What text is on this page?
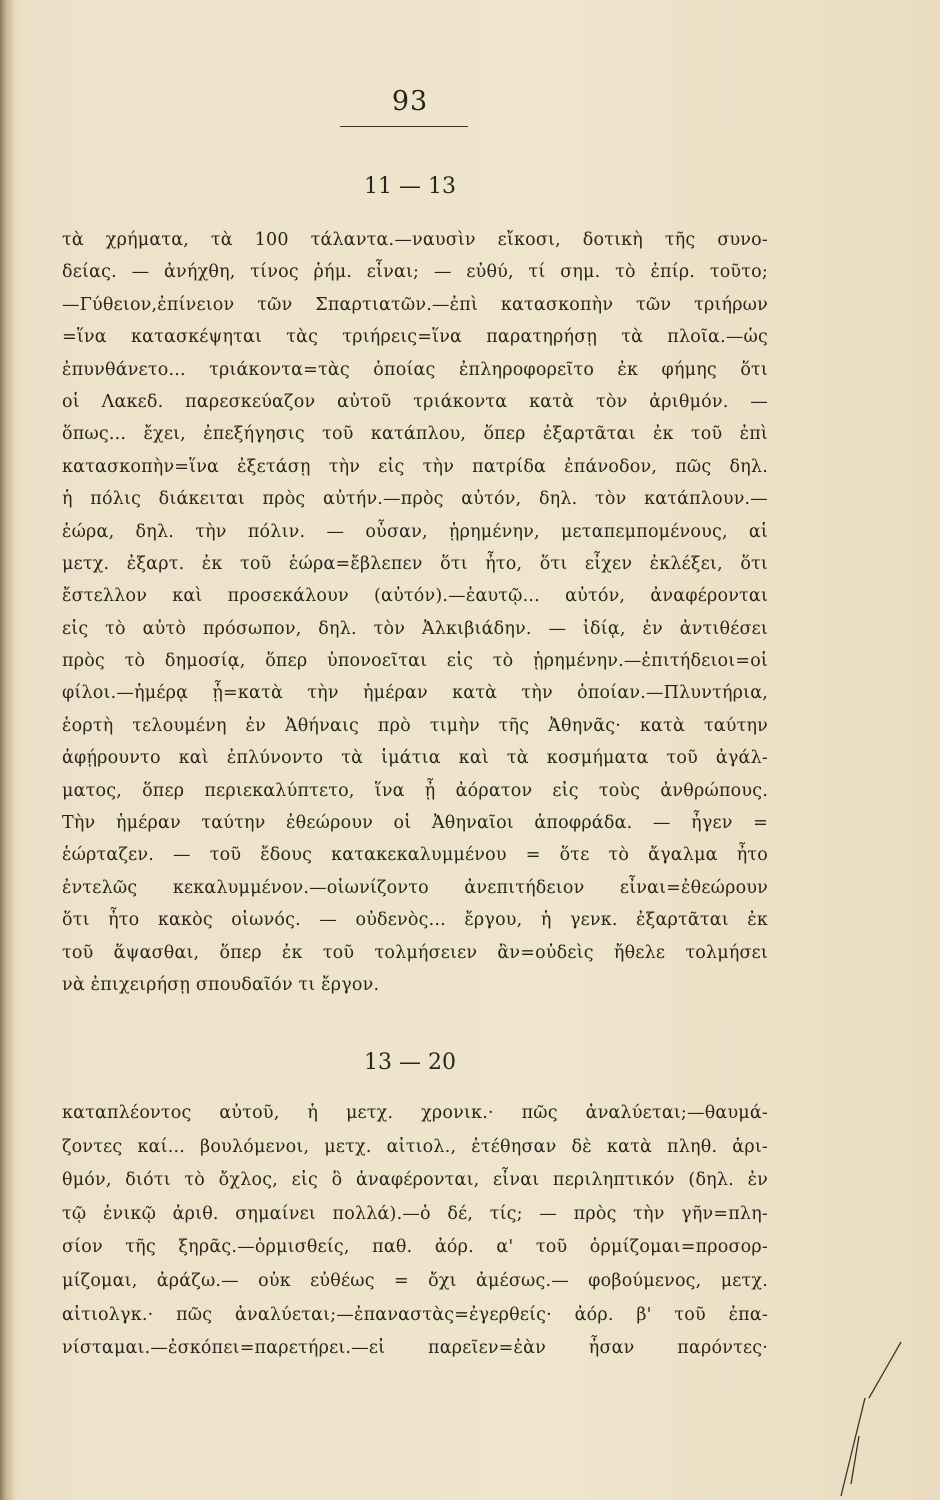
93
11 — 13
τὰ χρήματα, τὰ 100 τάλαντα.—ναυσὶν εἴκοσι, δοτικὴ τῆς συνο-
δείας. — ἀνήχθη, τίνος ῥήμ. εἶναι; — εὐθύ, τί σημ. τὸ ἐπίρ. τοῦτο;
—Γύθειον,ἐπίνειον τῶν Σπαρτιατῶν.—ἐπὶ κατασκοπὴν τῶν τριήρων
=ἵνα κατασκέψηται τὰς τριήρεις=ἵνα παρατηρήσῃ τὰ πλοῖα.—ὡς
ἐπυνθάνετο... τριάκοντα=τὰς ὁποίας ἐπληροφορεῖτο ἐκ φήμης ὅτι
οἱ Λακεδ. παρεσκεύαζον αὐτοῦ τριάκοντα κατὰ τὸν ἀριθμόν. —
ὅπως... ἔχει, ἐπεξήγησις τοῦ κατάπλου, ὅπερ ἐξαρτᾶται ἐκ τοῦ ἐπὶ
κατασκοπὴν=ἵνα ἐξετάσῃ τὴν εἰς τὴν πατρίδα ἐπάνοδον, πῶς δηλ.
ἡ πόλις διάκειται πρὸς αὐτήν.—πρὸς αὐτόν, δηλ. τὸν κατάπλουν.—
ἑώρα, δηλ. τὴν πόλιν. — οὖσαν, ᾑρημένην, μεταπεμπομένους, αἱ
μετχ. ἐξαρτ. ἐκ τοῦ ἑώρα=ἔβλεπεν ὅτι ἦτο, ὅτι εἶχεν ἐκλέξει, ὅτι
ἔστελλον καὶ προσεκάλουν (αὐτόν).—ἑαυτῷ... αὐτόν, ἀναφέρονται
εἰς τὸ αὐτὸ πρόσωπον, δηλ. τὸν Ἀλκιβιάδην. — ἰδίᾳ, ἐν ἀντιθέσει
πρὸς τὸ δημοσίᾳ, ὅπερ ὑπονοεῖται εἰς τὸ ᾑρημένην.—ἐπιτήδειοι=οἱ
φίλοι.—ἡμέρᾳ ᾗ=κατὰ τὴν ἡμέραν κατὰ τὴν ὁποίαν.—Πλυντήρια,
ἑορτὴ τελουμένη ἐν Ἀθήναις πρὸ τιμὴν τῆς Ἀθηνᾶς· κατὰ ταύτην
ἀφῄρουντο καὶ ἐπλύνοντο τὰ ἱμάτια καὶ τὰ κοσμήματα τοῦ ἀγάλ-
ματος, ὅπερ περιεκαλύπτετο, ἵνα ᾖ ἀόρατον εἰς τοὺς ἀνθρώπους.
Τὴν ἡμέραν ταύτην ἐθεώρουν οἱ Ἀθηναῖοι ἀποφράδα. — ἦγεν =
ἑώρταζεν. — τοῦ ἔδους κατακεκαλυμμένου = ὅτε τὸ ἄγαλμα ἦτο
ἐντελῶς κεκαλυμμένον.—οἰωνίζοντο ἀνεπιτήδειον εἶναι=ἐθεώρουν
ὅτι ἦτο κακὸς οἰωνός. — οὐδενὸς... ἔργου, ἡ γενκ. ἐξαρτᾶται ἐκ
τοῦ ἅψασθαι, ὅπερ ἐκ τοῦ τολμήσειεν ἂν=οὐδεὶς ἤθελε τολμήσει
νὰ ἐπιχειρήσῃ σπουδαῖόν τι ἔργον.
13 — 20
καταπλέοντος αὐτοῦ, ἡ μετχ. χρονικ.· πῶς ἀναλύεται;—θαυμά-
ζοντες καί... βουλόμενοι, μετχ. αἰτιολ., ἐτέθησαν δὲ κατὰ πληθ. ἀρι-
θμόν, διότι τὸ ὄχλος, εἰς ὃ ἀναφέρονται, εἶναι περιληπτικόν (δηλ. ἐν
τῷ ἑνικῷ ἀριθ. σημαίνει πολλά).—ὁ δέ, τίς; — πρὸς τὴν γῆν=πλη-
σίον τῆς ξηρᾶς.—ὁρμισθείς, παθ. ἀόρ. α' τοῦ ὁρμίζομαι=προσορ-
μίζομαι, ἀράζω.— οὐκ εὐθέως = ὄχι ἀμέσως.— φοβούμενος, μετχ.
αἰτιολγκ.· πῶς ἀναλύεται;—ἐπαναστὰς=ἐγερθείς· ἀόρ. β' τοῦ ἐπα-
νίσταμαι.—ἐσκόπει=παρετήρει.—εἰ παρεῖεν=ἐὰν ἦσαν παρόντες·
